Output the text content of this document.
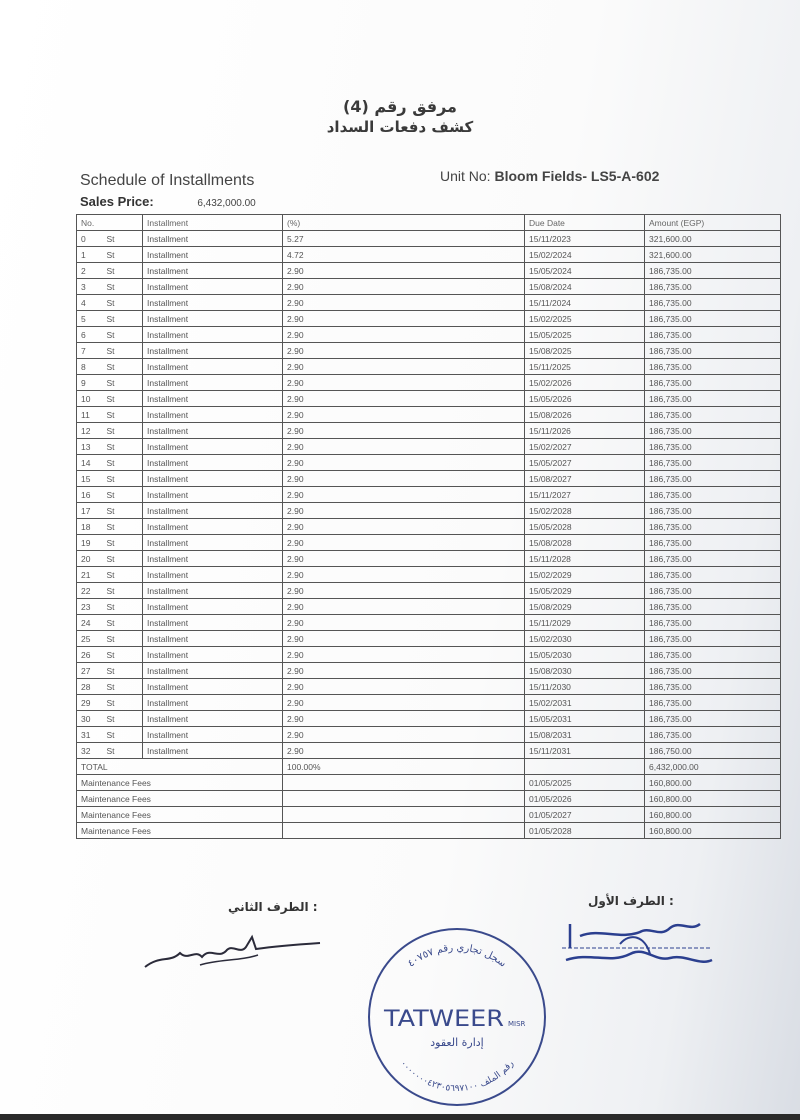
مرفق رقم (4)
كشف دفعات السداد
Schedule of Installments	Unit No: Bloom Fields- LS5-A-602
Sales Price:	6,432,000.00
No.		Installment	(%)		Due Date	Amount (EGP)
0	St	Installment	5.27		15/11/2023	321,600.00
1	St	Installment	4.72		15/02/2024	321,600.00
2	St	Installment	2.90		15/05/2024	186,735.00
3	St	Installment	2.90		15/08/2024	186,735.00
4	St	Installment	2.90		15/11/2024	186,735.00
5	St	Installment	2.90		15/02/2025	186,735.00
6	St	Installment	2.90		15/05/2025	186,735.00
7	St	Installment	2.90		15/08/2025	186,735.00
8	St	Installment	2.90		15/11/2025	186,735.00
9	St	Installment	2.90		15/02/2026	186,735.00
10	St	Installment	2.90		15/05/2026	186,735.00
11	St	Installment	2.90		15/08/2026	186,735.00
12	St	Installment	2.90		15/11/2026	186,735.00
13	St	Installment	2.90		15/02/2027	186,735.00
14	St	Installment	2.90		15/05/2027	186,735.00
15	St	Installment	2.90		15/08/2027	186,735.00
16	St	Installment	2.90		15/11/2027	186,735.00
17	St	Installment	2.90		15/02/2028	186,735.00
18	St	Installment	2.90		15/05/2028	186,735.00
19	St	Installment	2.90		15/08/2028	186,735.00
20	St	Installment	2.90		15/11/2028	186,735.00
21	St	Installment	2.90		15/02/2029	186,735.00
22	St	Installment	2.90		15/05/2029	186,735.00
23	St	Installment	2.90		15/08/2029	186,735.00
24	St	Installment	2.90		15/11/2029	186,735.00
25	St	Installment	2.90		15/02/2030	186,735.00
26	St	Installment	2.90		15/05/2030	186,735.00
27	St	Installment	2.90		15/08/2030	186,735.00
28	St	Installment	2.90		15/11/2030	186,735.00
29	St	Installment	2.90		15/02/2031	186,735.00
30	St	Installment	2.90		15/05/2031	186,735.00
31	St	Installment	2.90		15/08/2031	186,735.00
32	St	Installment	2.90		15/11/2031	186,750.00
TOTAL			100.00%			6,432,000.00
Maintenance Fees					01/05/2025	160,800.00
Maintenance Fees					01/05/2026	160,800.00
Maintenance Fees					01/05/2027	160,800.00
Maintenance Fees					01/05/2028	160,800.00
الطرف الثاني :	الطرف الأول :
سجل تجاري رقم ٤٠٧٥٧
TATWEER MISR
إدارة العقود
رقم الملف ٠٠٠٠٠٠٠٤٢٣٠٥٦٩٧١٠٠
